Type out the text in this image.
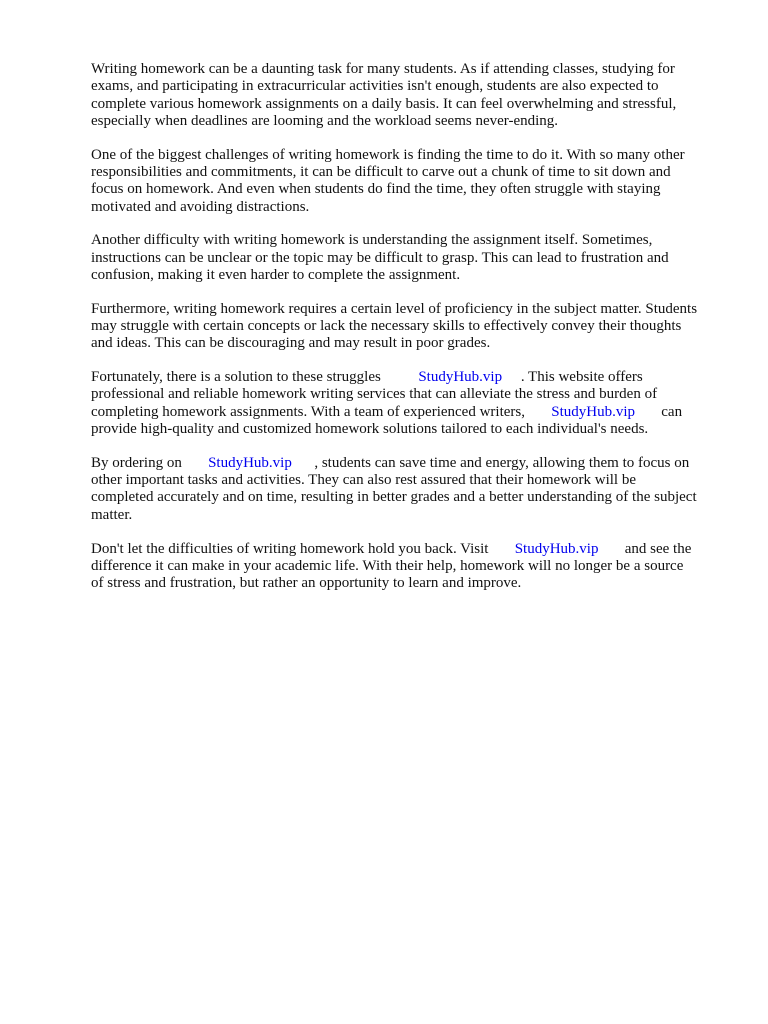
Writing homework can be a daunting task for many students. As if attending classes, studying for
exams, and participating in extracurricular activities isn't enough, students are also expected to
complete various homework assignments on a daily basis. It can feel overwhelming and stressful,
especially when deadlines are looming and the workload seems never-ending.

One of the biggest challenges of writing homework is finding the time to do it. With so many other
responsibilities and commitments, it can be difficult to carve out a chunk of time to sit down and
focus on homework. And even when students do find the time, they often struggle with staying
motivated and avoiding distractions.

Another difficulty with writing homework is understanding the assignment itself. Sometimes,
instructions can be unclear or the topic may be difficult to grasp. This can lead to frustration and
confusion, making it even harder to complete the assignment.

Furthermore, writing homework requires a certain level of proficiency in the subject matter. Students
may struggle with certain concepts or lack the necessary skills to effectively convey their thoughts
and ideas. This can be discouraging and may result in poor grades.

Fortunately, there is a solution to these struggles	StudyHub.vip . This website offers
professional and reliable homework writing services that can alleviate the stress and burden of
completing homework assignments. With a team of experienced writers, StudyHub.vip can
provide high-quality and customized homework solutions tailored to each individual's needs.

By ordering on StudyHub.vip , students can save time and energy, allowing them to focus on
other important tasks and activities. They can also rest assured that their homework will be
completed accurately and on time, resulting in better grades and a better understanding of the subject
matter.

Don't let the difficulties of writing homework hold you back. Visit StudyHub.vip and see the
difference it can make in your academic life. With their help, homework will no longer be a source
of stress and frustration, but rather an opportunity to learn and improve.
